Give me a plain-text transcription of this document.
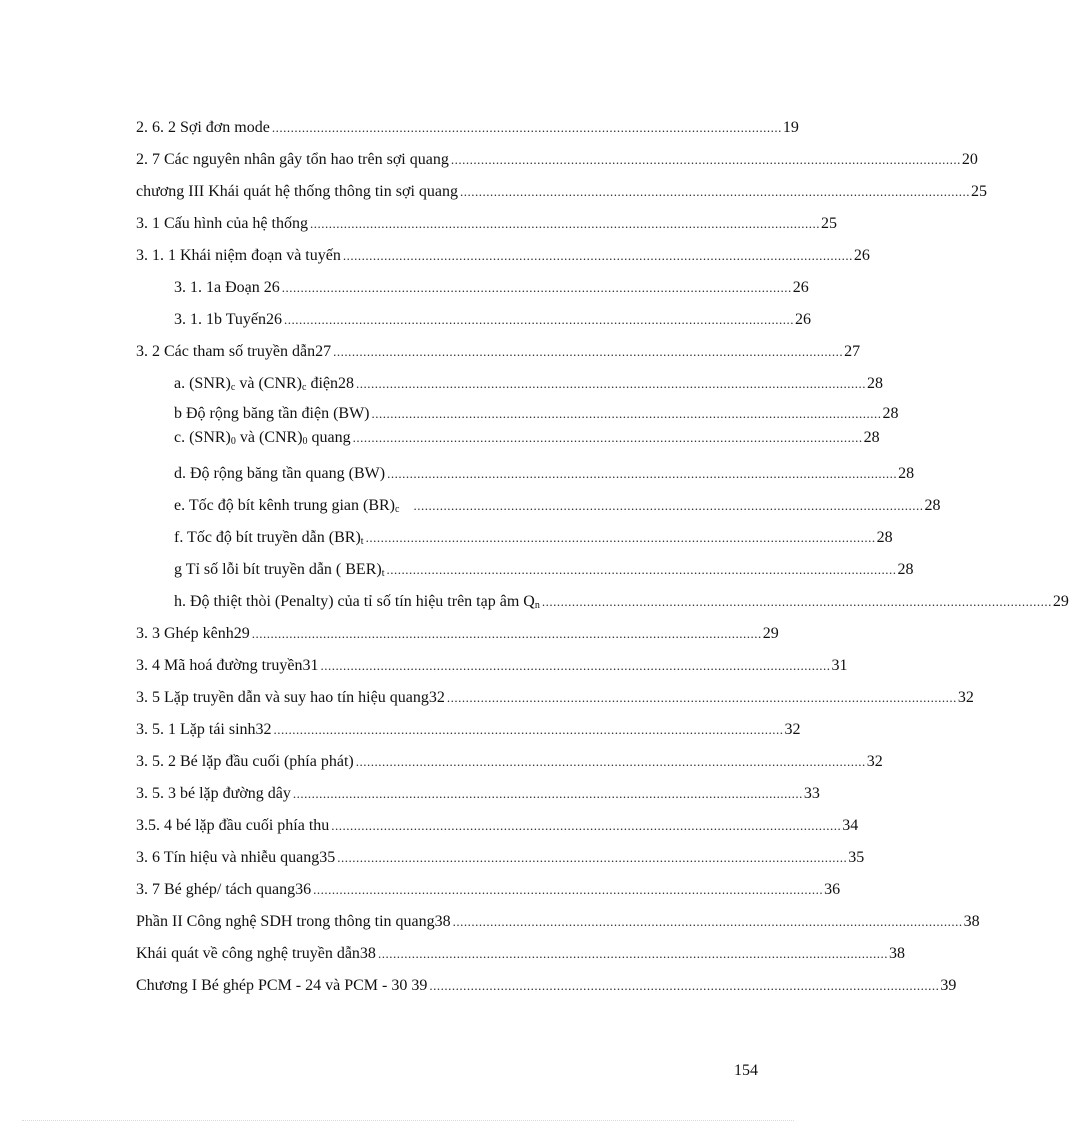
2. 6. 2 Sợi đơn mode ........................................................................................................................................ 19
2. 7 Các nguyên nhân gây tổn hao trên sợi quang ........................................................................................................................................ 20
chương III Khái quát hệ thống thông tin sợi quang ........................................................................................................................................ 25
3. 1 Cấu hình của hệ thống ........................................................................................................................................ 25
3. 1. 1 Khái niệm đoạn và tuyến ........................................................................................................................................ 26
3. 1. 1a Đoạn 26 ........................................................................................................................................ 26
3. 1. 1b Tuyến26 ........................................................................................................................................ 26
3. 2 Các tham số truyền dẫn27 ........................................................................................................................................ 27
a. $(SNR)_c$ và $(CNR)_c$ điện28 ........................................................................................................................................ 28
b Độ rộng băng tần điện (BW) ........................................................................................................................................ 28
c. $(SNR)_0$ và $(CNR)_0$ quang ........................................................................................................................................ 28
d. Độ rộng băng tần quang (BW) ........................................................................................................................................ 28
e. Tốc độ bít kênh trung gian $(BR)_c$	........................................................................................................................................ 28
f. Tốc độ bít truyền dẫn $(BR)_t$ ........................................................................................................................................ 28
g Tỉ số lỗi bít truyền dẫn ( $BER)_t$ ........................................................................................................................................ 28
h. Độ thiệt thòi (Penalty) của tỉ số tín hiệu trên tạp âm $Q_n$ ........................................................................................................................................ 29
3. 3 Ghép kênh29 ........................................................................................................................................ 29
3. 4 Mã hoá đường truyền31 ........................................................................................................................................ 31
3. 5 Lặp truyền dẫn và suy hao tín hiệu quang32 ........................................................................................................................................ 32
3. 5. 1 Lặp tái sinh32 ........................................................................................................................................ 32
3. 5. 2 Bé lặp đầu cuối (phía phát) ........................................................................................................................................ 32
3. 5. 3 bé lặp đường dây ........................................................................................................................................ 33
3.5. 4 bé lặp đầu cuối phía thu ........................................................................................................................................ 34
3. 6 Tín hiệu và nhiễu quang35 ........................................................................................................................................ 35
3. 7 Bé ghép/ tách quang36 ........................................................................................................................................ 36
Phần II Công nghệ SDH trong thông tin quang38 ........................................................................................................................................ 38
Khái quát về công nghệ truyền dẫn38 ........................................................................................................................................ 38
Chương I Bé ghép PCM - 24 và PCM - 30 39 ........................................................................................................................................ 39
154
